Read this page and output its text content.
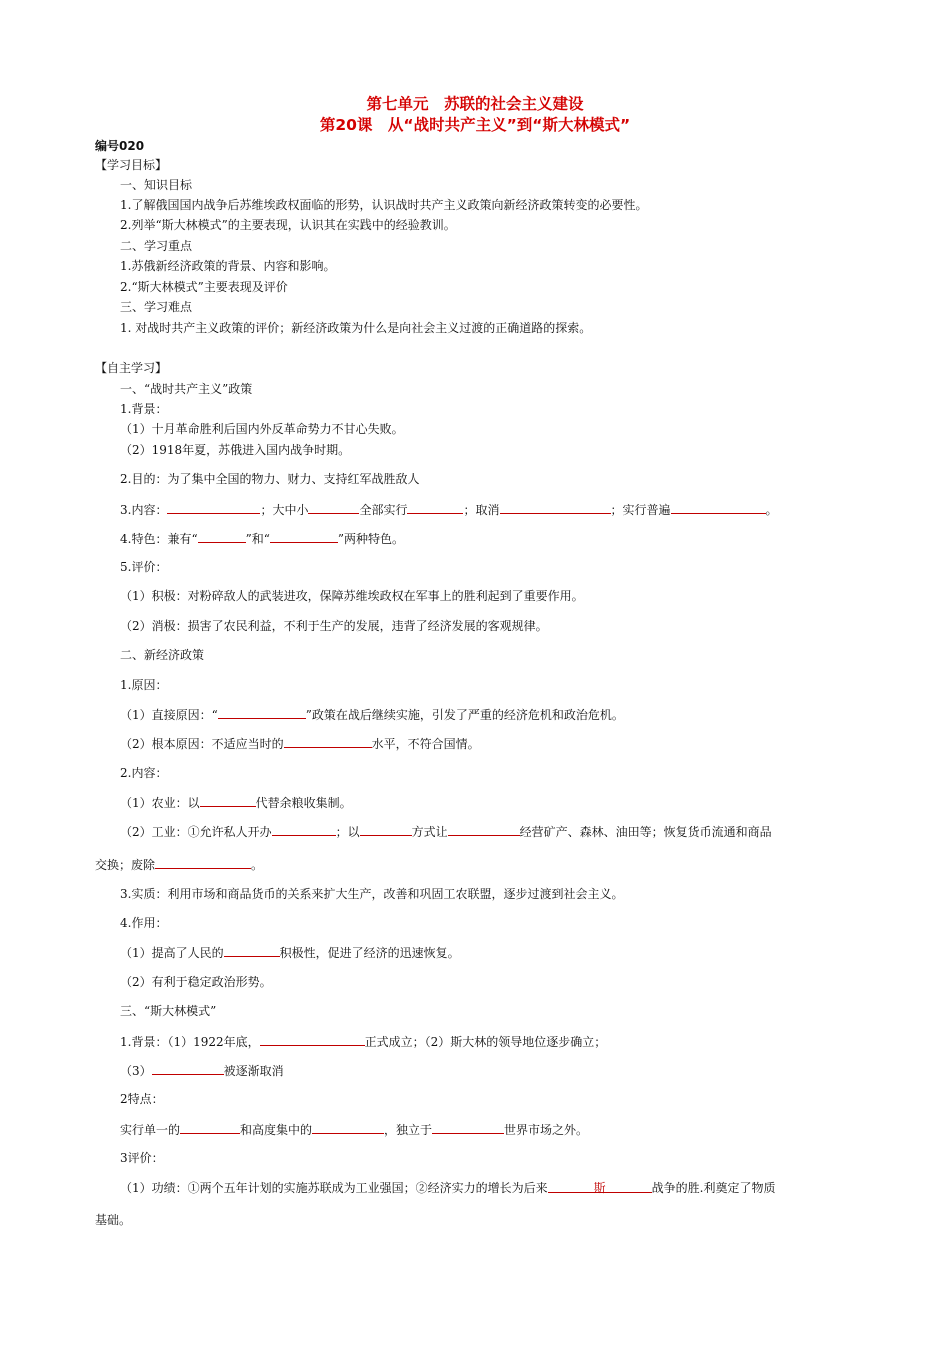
第七单元　苏联的社会主义建设
第20课　从“战时共产主义”到“斯大林模式”
编号020
【学习目标】
一、知识目标
1.了解俄国国内战争后苏维埃政权面临的形势，认识战时共产主义政策向新经济政策转变的必要性。
2.列举“斯大林模式”的主要表现，认识其在实践中的经验教训。
二、学习重点
1.苏俄新经济政策的背景、内容和影响。
2.“斯大林模式”主要表现及评价
三、学习难点
1. 对战时共产主义政策的评价；新经济政策为什么是向社会主义过渡的正确道路的探索。
【自主学习】
一、“战时共产主义”政策
1.背景：
（1）十月革命胜利后国内外反革命势力不甘心失败。
（2）1918年夏，苏俄进入国内战争时期。
2.目的：为了集中全国的物力、财力、支持红军战胜敌人
3.内容：	；大中小	全部实行	；取消	；实行普遍	。
4.特色：兼有“	”和“	”两种特色。
5.评价：
（1）积极：对粉碎敌人的武装进攻，保障苏维埃政权在军事上的胜利起到了重要作用。
（2）消极：损害了农民利益，不利于生产的发展，违背了经济发展的客观规律。
二、新经济政策
1.原因：
（1）直接原因：“	”政策在战后继续实施，引发了严重的经济危机和政治危机。
（2）根本原因：不适应当时的	水平，不符合国情。
2.内容：
（1）农业：以	代替余粮收集制。
（2）工业：①允许私人开办	；以	方式让	经营矿产、森林、油田等；恢复货币流通和商品
交换；废除	。
3.实质：利用市场和商品货币的关系来扩大生产，改善和巩固工农联盟，逐步过渡到社会主义。
4.作用：
（1）提高了人民的	积极性，促进了经济的迅速恢复。
（2）有利于稳定政治形势。
三、“斯大林模式”
1.背景：（1）1922年底，	正式成立；（2）斯大林的领导地位逐步确立；
（3）	被逐渐取消
2特点：
实行单一的	和高度集中的	，独立于	世界市场之外。
3评价：
（1）功绩：①两个五年计划的实施苏联成为工业强国；②经济实力的增长为后来	斯	战争的胜.利奠定了物质
基础。
